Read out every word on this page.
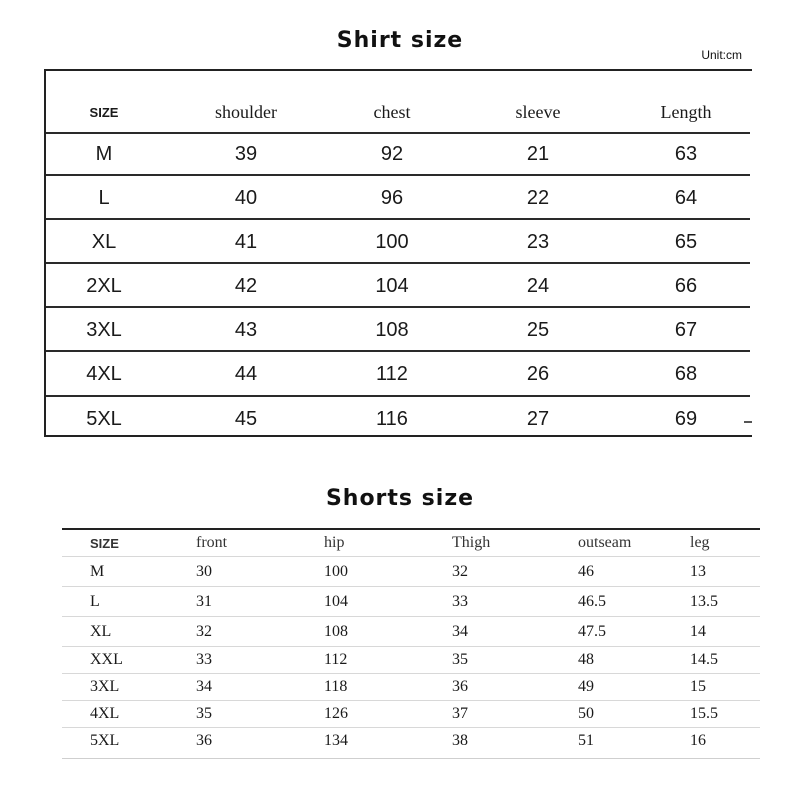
Shirt size
Unit:cm
SIZE	shoulder	chest	sleeve	Length
M	39	92	21	63
L	40	96	22	64
XL	41	100	23	65
2XL	42	104	24	66
3XL	43	108	25	67
4XL	44	112	26	68
5XL	45	116	27	69
Shorts size
SIZE	front	hip	Thigh	outseam	leg
M	30	100	32	46	13
L	31	104	33	46.5	13.5
XL	32	108	34	47.5	14
XXL	33	112	35	48	14.5
3XL	34	118	36	49	15
4XL	35	126	37	50	15.5
5XL	36	134	38	51	16
